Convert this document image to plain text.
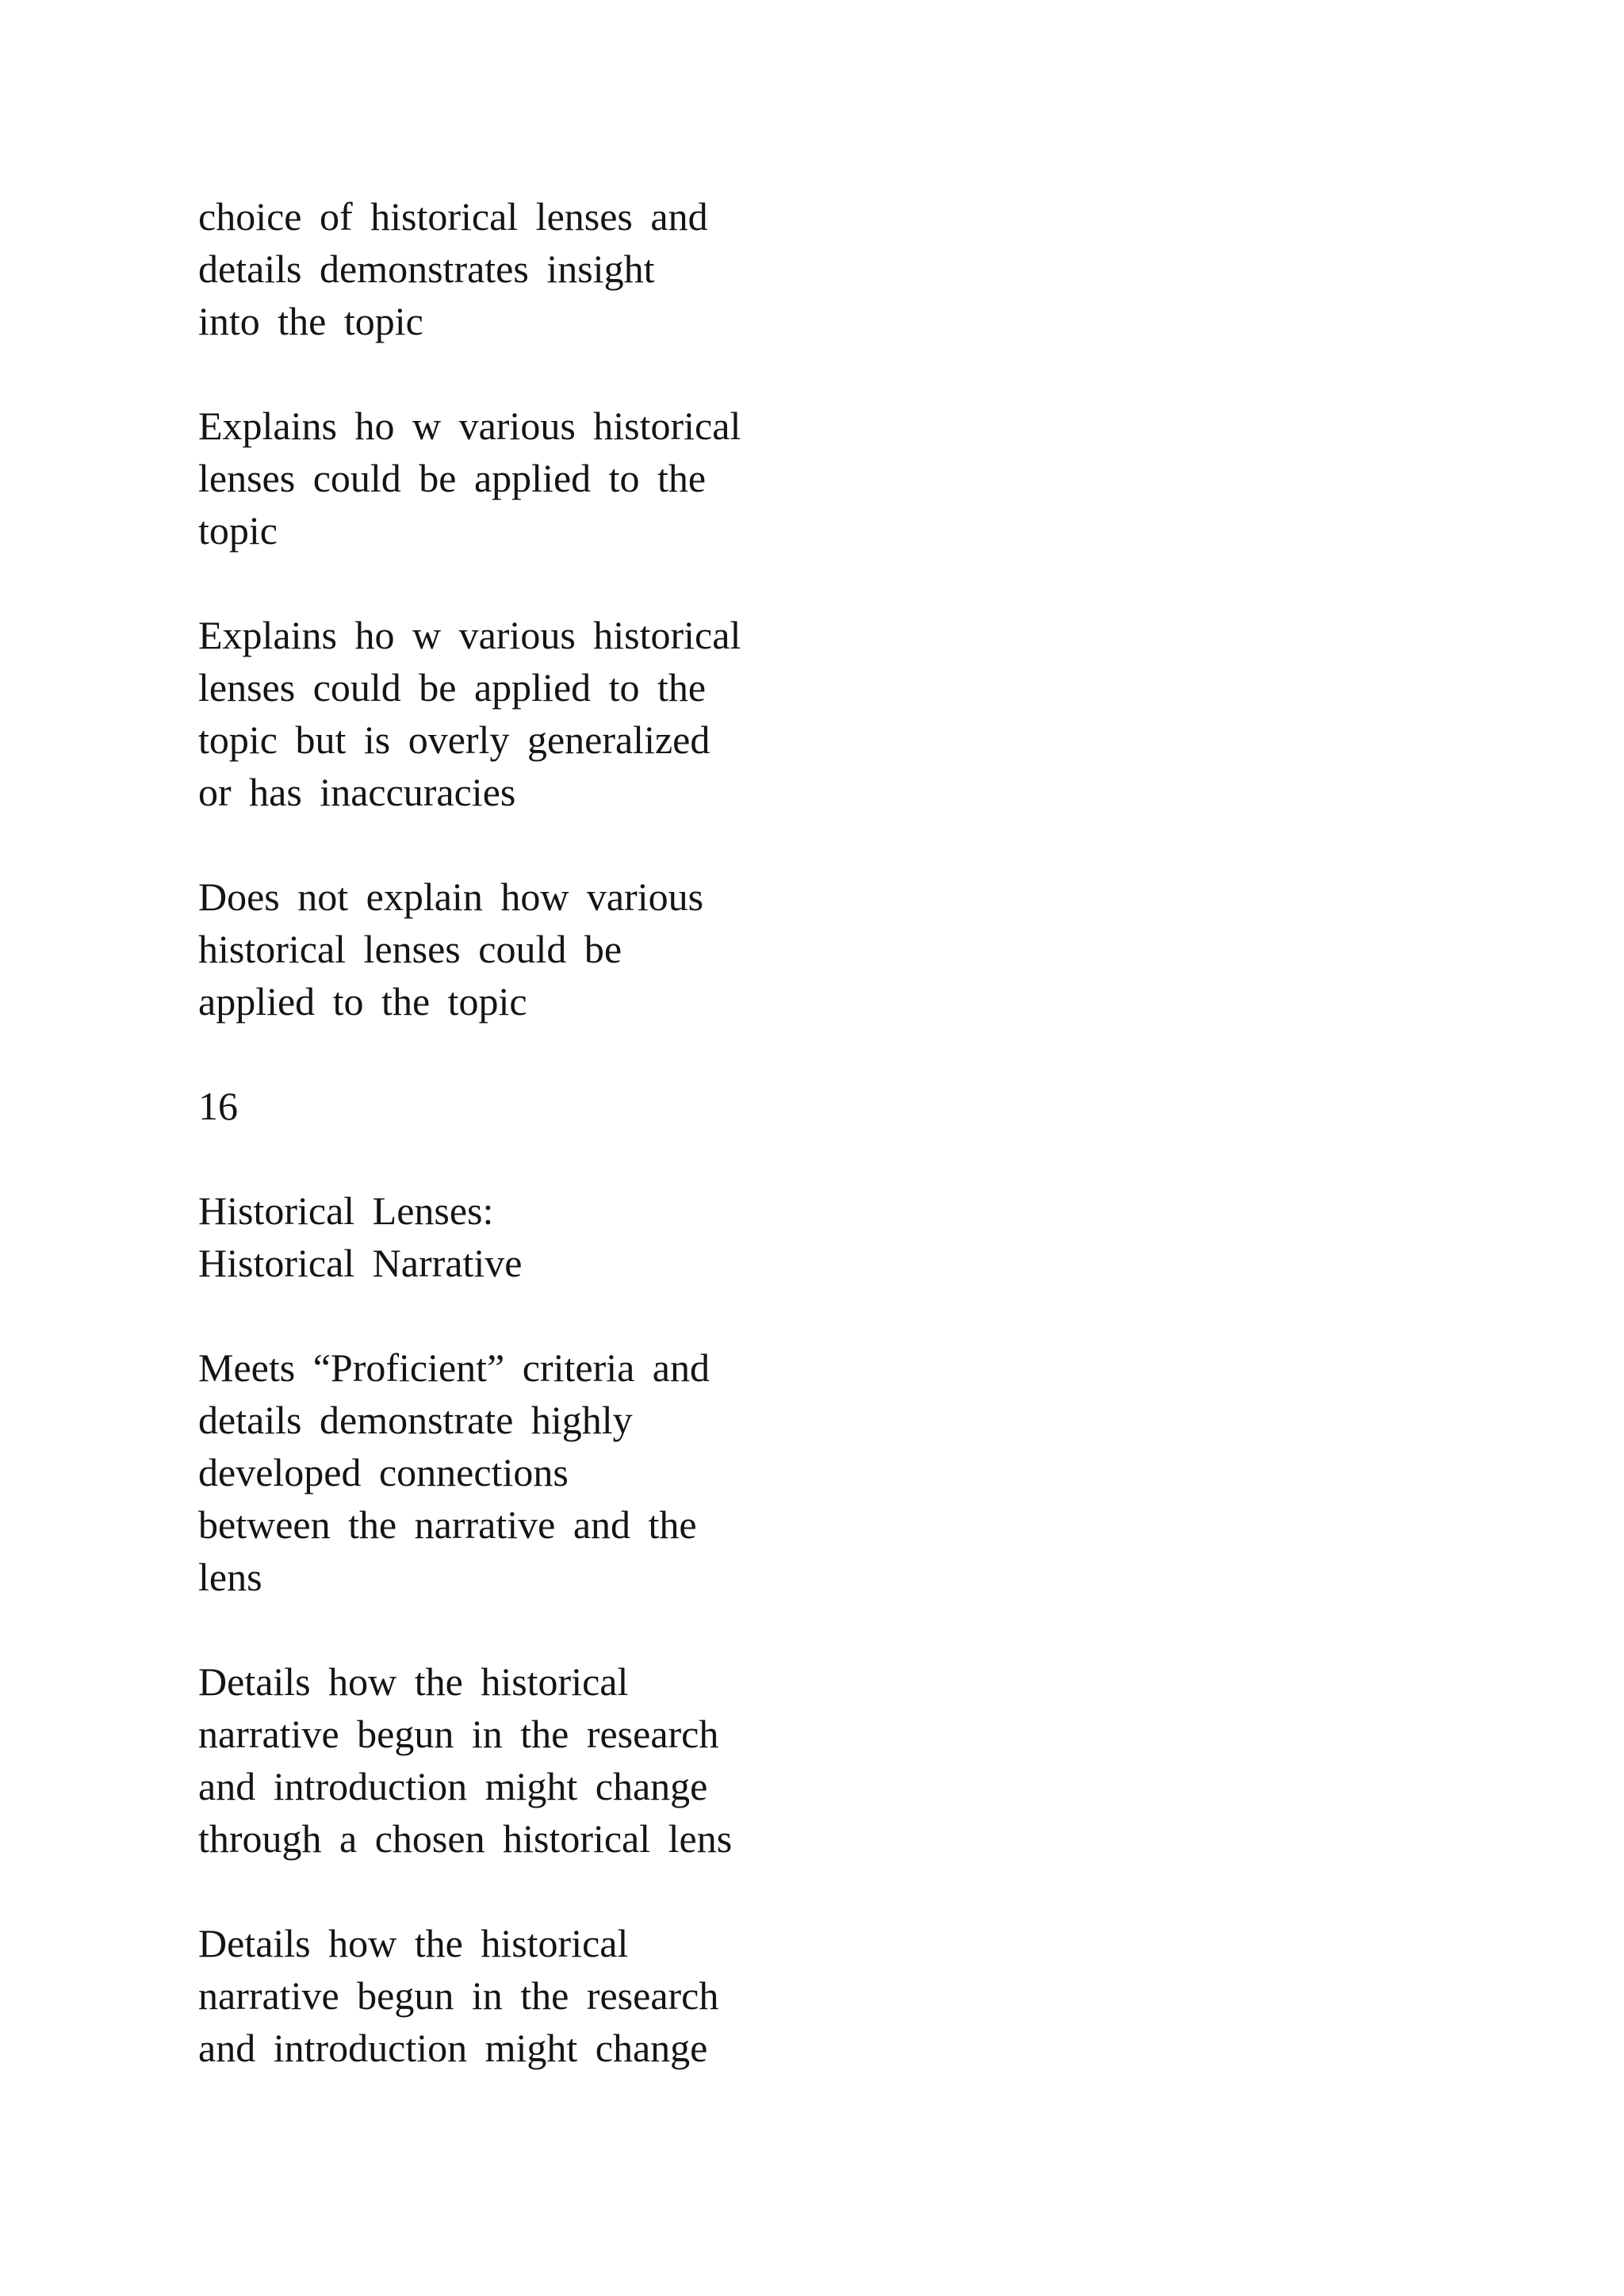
choice of historical lenses and
details demonstrates insight
into the topic

Explains ho w various historical
lenses could be applied to the
topic

Explains ho w various historical
lenses could be applied to the
topic but is overly generalized
or has inaccuracies

Does not explain how various
historical lenses could be
applied to the topic

16

Historical Lenses:
Historical Narrative

Meets “Proficient” criteria and
details demonstrate highly
developed connections
between the narrative and the
lens

Details how the historical
narrative begun in the research
and introduction might change
through a chosen historical lens

Details how the historical
narrative begun in the research
and introduction might change
